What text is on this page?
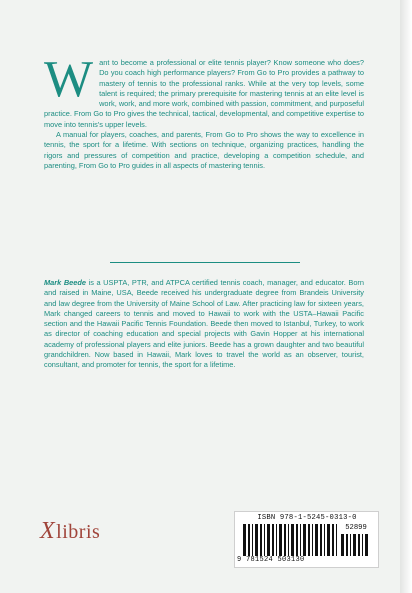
W ant to become a professional or elite tennis player? Know someone who does? Do you coach high performance players? From Go to Pro provides a pathway to mastery of tennis to the professional ranks. While at the very top levels, some talent is required; the primary prerequisite for mastering tennis at an elite level is work, work, and more work, combined with passion, commitment, and purposeful practice. From Go to Pro gives the technical, tactical, developmental, and competitive expertise to move into tennis's upper levels.

A manual for players, coaches, and parents, From Go to Pro shows the way to excellence in tennis, the sport for a lifetime. With sections on technique, organizing practices, handling the rigors and pressures of competition and practice, developing a competition schedule, and parenting, From Go to Pro guides in all aspects of mastering tennis.

Mark Beede is a USPTA, PTR, and ATPCA certified tennis coach, manager, and educator. Born and raised in Maine, USA, Beede received his undergraduate degree from Brandeis University and law degree from the University of Maine School of Law. After practicing law for sixteen years, Mark changed careers to tennis and moved to Hawaii to work with the USTA–Hawaii Pacific section and the Hawaii Pacific Tennis Foundation. Beede then moved to Istanbul, Turkey, to work as director of coaching education and special projects with Gavin Hopper at his international academy of professional players and elite juniors. Beede has a grown daughter and two beautiful grandchildren. Now based in Hawaii, Mark loves to travel the world as an observer, tourist, consultant, and promoter for tennis, the sport for a lifetime.

Xlibris
ISBN 978-1-5245-0313-0
52899
9 781524 503130
